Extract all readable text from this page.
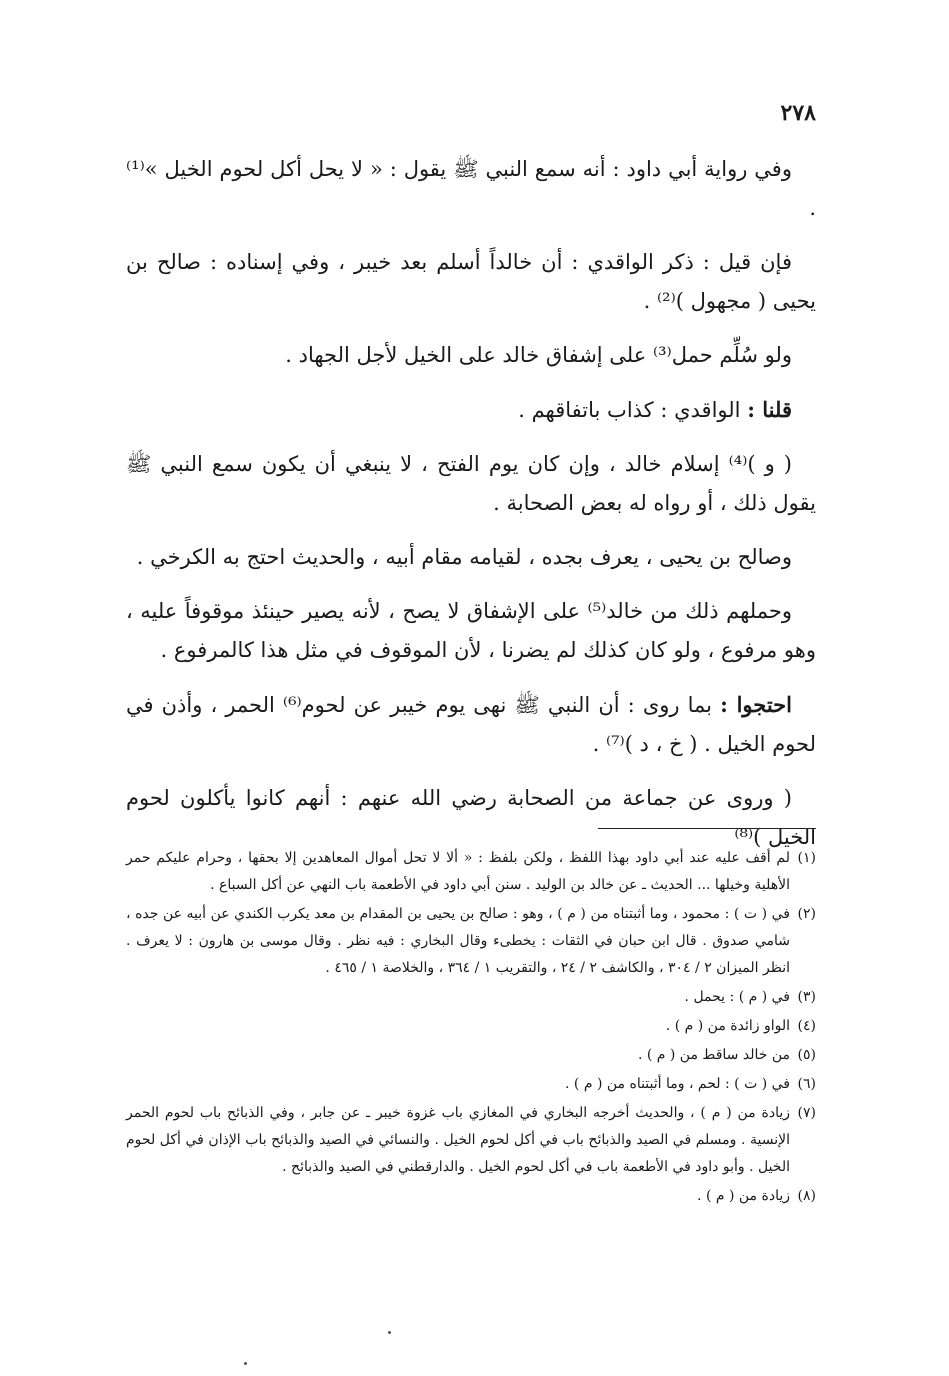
٢٧٨

وفي رواية أبي داود : أنه سمع النبي ﷺ يقول : « لا يحل أكل لحوم الخيل »⁽¹⁾ .

فإن قيل : ذكر الواقدي : أن خالداً أسلم بعد خيبر ، وفي إسناده : صالح بن يحيى ( مجهول )⁽²⁾ .

ولو سُلِّم حمل⁽³⁾ على إشفاق خالد على الخيل لأجل الجهاد .

قلنا : الواقدي : كذاب باتفاقهم .

( و )⁽⁴⁾ إسلام خالد ، وإن كان يوم الفتح ، لا ينبغي أن يكون سمع النبي ﷺ يقول ذلك ، أو رواه له بعض الصحابة .

وصالح بن يحيى ، يعرف بجده ، لقيامه مقام أبيه ، والحديث احتج به الكرخي .

وحملهم ذلك من خالد⁽⁵⁾ على الإشفاق لا يصح ، لأنه يصير حينئذ موقوفاً عليه ، وهو مرفوع ، ولو كان كذلك لم يضرنا ، لأن الموقوف في مثل هذا كالمرفوع .

احتجوا : بما روى : أن النبي ﷺ نهى يوم خيبر عن لحوم⁽⁶⁾ الحمر ، وأذن في لحوم الخيل . ( خ ، د )⁽⁷⁾ .

( وروى عن جماعة من الصحابة رضي الله عنهم : أنهم كانوا يأكلون لحوم الخيل )⁽⁸⁾

(١)
لم أقف عليه عند أبي داود بهذا اللفظ ، ولكن بلفظ : « ألا لا تحل أموال المعاهدين إلا بحقها ، وحرام عليكم حمر الأهلية وخيلها ... الحديث ـ عن خالد بن الوليد . سنن أبي داود في الأطعمة باب النهي عن أكل السباع .

(٢)
في ( ت ) : محمود ، وما أثبتناه من ( م ) ، وهو : صالح بن يحيى بن المقدام بن معد يكرب الكندي عن أبيه عن جده ، شامي صدوق . قال ابن حبان في الثقات : يخطىء وقال البخاري : فيه نظر . وقال موسى بن هارون : لا يعرف . انظر الميزان ٢ / ٣٠٤ ، والكاشف ٢ / ٢٤ ، والتقريب ١ / ٣٦٤ ، والخلاصة ١ / ٤٦٥ .

(٣)
في ( م ) : يحمل .

(٤)
الواو زائدة من ( م ) .

(٥)
من خالد ساقط من ( م ) .

(٦)
في ( ت ) : لحم ، وما أثبتناه من ( م ) .

(٧)
زيادة من ( م ) ، والحديث أخرجه البخاري في المغازي باب غزوة خيبر ـ عن جابر ، وفي الذبائح باب لحوم الحمر الإنسية . ومسلم في الصيد والذبائح باب في أكل لحوم الخيل . والنسائي في الصيد والذبائح باب الإذان في أكل لحوم الخيل . وأبو داود في الأطعمة باب في أكل لحوم الخيل . والدارقطني في الصيد والذبائح .

(٨)
زيادة من ( م ) .
